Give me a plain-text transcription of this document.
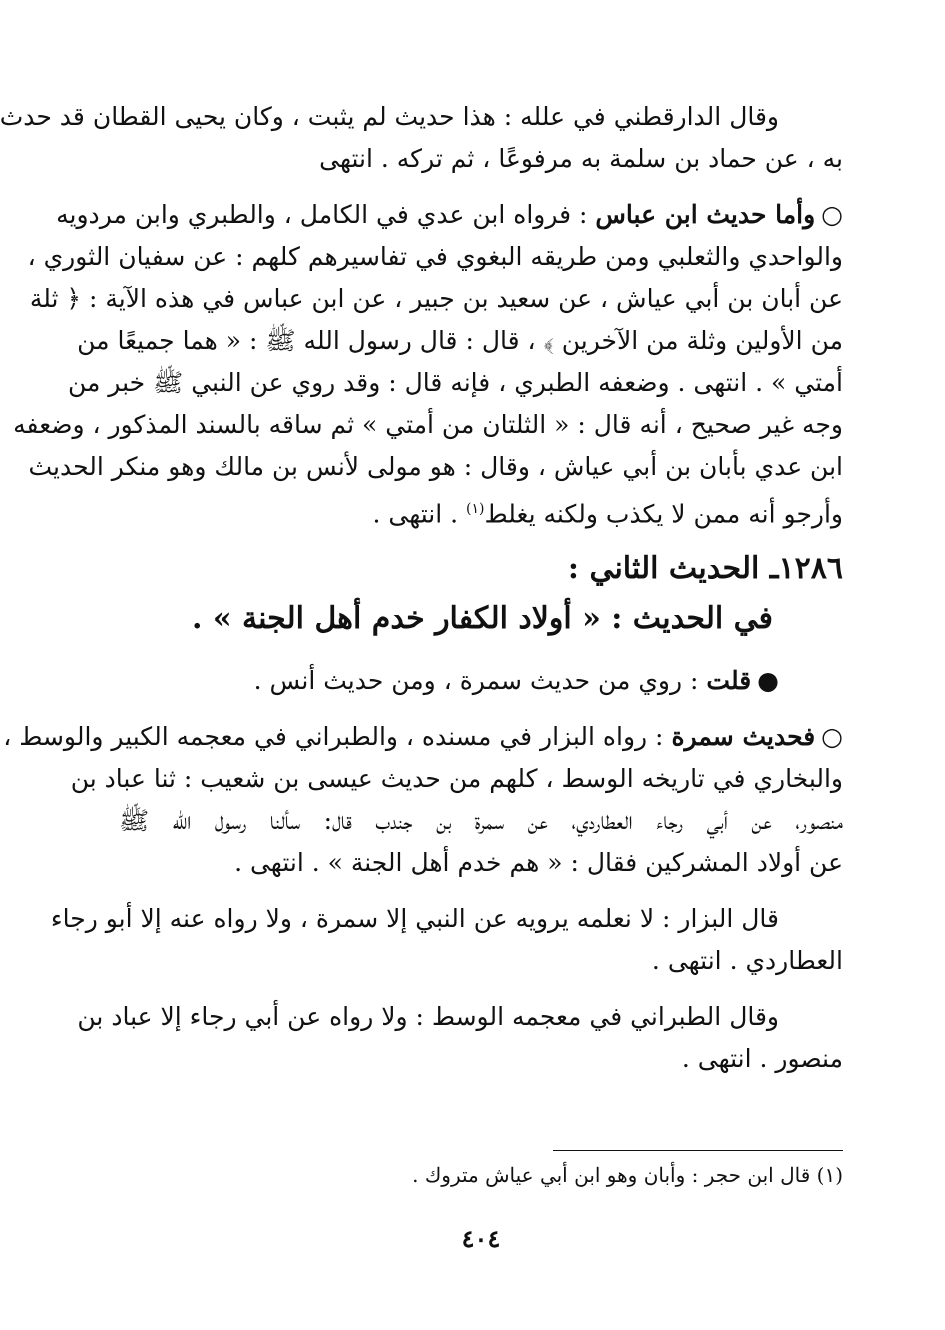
وقال الدارقطني في علله : هذا حديث لم يثبت ، وكان يحيى القطان قد حدث
به ، عن حماد بن سلمة به مرفوعًا ، ثم تركه . انتهى
○وأما حديث ابن عباس : فرواه ابن عدي في الكامل ، والطبري وابن مردويه
والواحدي والثعلبي ومن طريقه البغوي في تفاسيرهم كلهم : عن سفيان الثوري ،
عن أبان بن أبي عياش ، عن سعيد بن جبير ، عن ابن عباس في هذه الآية : ﴿ ثلة
من الأولين وثلة من الآخرين ﴾ ، قال : قال رسول الله ﷺ : « هما جميعًا من
أمتي » . انتهى . وضعفه الطبري ، فإنه قال : وقد روي عن النبي ﷺ خبر من
وجه غير صحيح ، أنه قال : « الثلتان من أمتي » ثم ساقه بالسند المذكور ، وضعفه
ابن عدي بأبان بن أبي عياش ، وقال : هو مولى لأنس بن مالك وهو منكر الحديث
وأرجو أنه ممن لا يكذب ولكنه يغلط$^{(١)}$ . انتهى .
١٢٨٦ـ الحديث الثاني :
في الحديث : « أولاد الكفار خدم أهل الجنة » .
●قلت : روي من حديث سمرة ، ومن حديث أنس .
○فحديث سمرة : رواه البزار في مسنده ، والطبراني في معجمه الكبير والوسط ،
والبخاري في تاريخه الوسط ، كلهم من حديث عيسى بن شعيب : ثنا عباد بن
منصور، عن أبي رجاء العطاردي، عن سمرة بن جندب قال: سألنا رسول الله ﷺ
عن أولاد المشركين فقال : « هم خدم أهل الجنة » . انتهى .
قال البزار : لا نعلمه يرويه عن النبي إلا سمرة ، ولا رواه عنه إلا أبو رجاء
العطاردي . انتهى .
وقال الطبراني في معجمه الوسط : ولا رواه عن أبي رجاء إلا عباد بن
منصور . انتهى .
(١) قال ابن حجر : وأبان وهو ابن أبي عياش متروك .
٤٠٤
